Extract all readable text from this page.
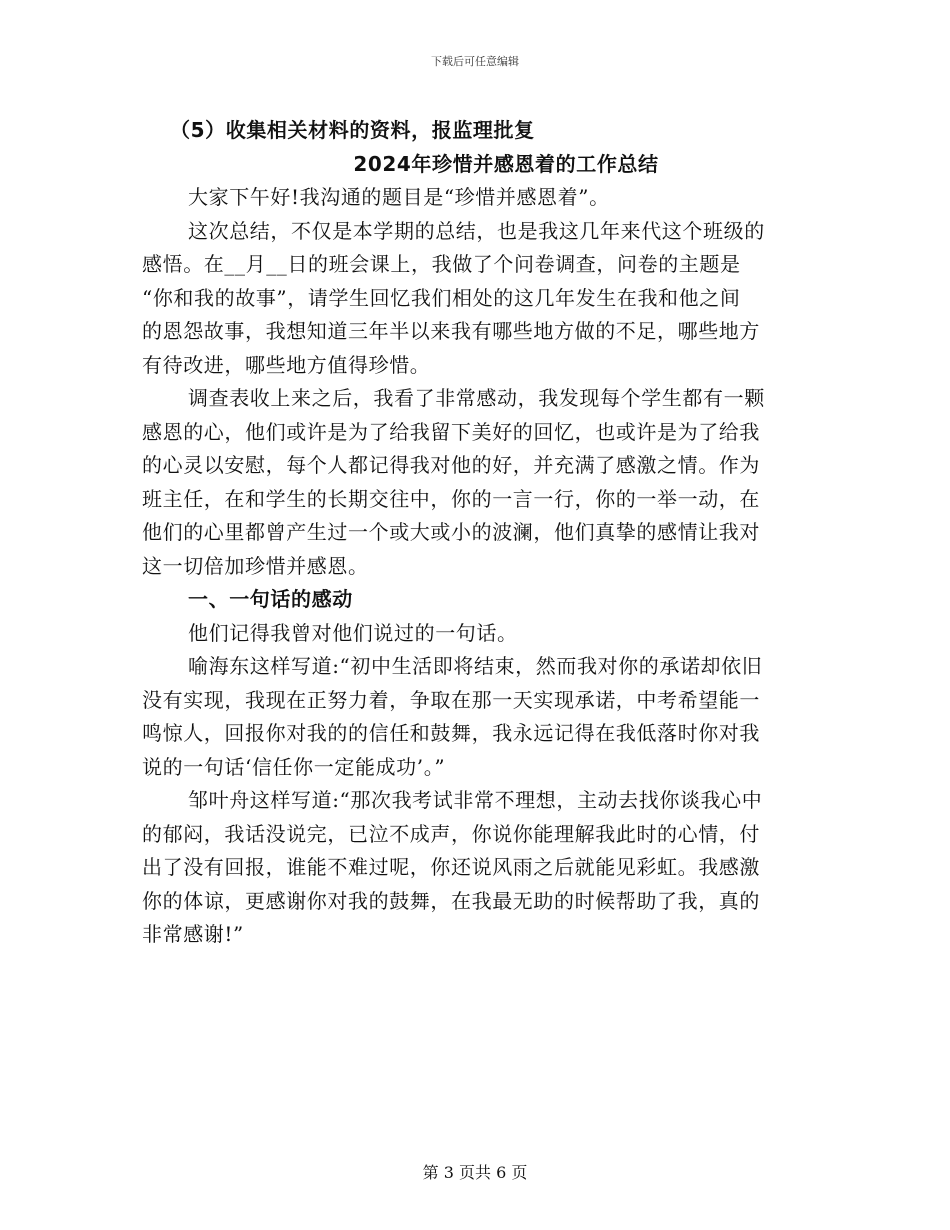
下载后可任意编辑
（5）收集相关材料的资料，报监理批复
2024年珍惜并感恩着的工作总结
大家下午好!我沟通的题目是“珍惜并感恩着”。
这次总结，不仅是本学期的总结，也是我这几年来代这个班级的
感悟。在__月__日的班会课上，我做了个问卷调查，问卷的主题是
“你和我的故事”，请学生回忆我们相处的这几年发生在我和他之间
的恩怨故事，我想知道三年半以来我有哪些地方做的不足，哪些地方
有待改进，哪些地方值得珍惜。
调查表收上来之后，我看了非常感动，我发现每个学生都有一颗
感恩的心，他们或许是为了给我留下美好的回忆，也或许是为了给我
的心灵以安慰，每个人都记得我对他的好，并充满了感激之情。作为
班主任，在和学生的长期交往中，你的一言一行，你的一举一动，在
他们的心里都曾产生过一个或大或小的波澜，他们真挚的感情让我对
这一切倍加珍惜并感恩。
一、一句话的感动
他们记得我曾对他们说过的一句话。
喻海东这样写道:“初中生活即将结束，然而我对你的承诺却依旧
没有实现，我现在正努力着，争取在那一天实现承诺，中考希望能一
鸣惊人，回报你对我的的信任和鼓舞，我永远记得在我低落时你对我
说的一句话‘信任你一定能成功’。”
邹叶舟这样写道:“那次我考试非常不理想，主动去找你谈我心中
的郁闷，我话没说完，已泣不成声，你说你能理解我此时的心情，付
出了没有回报，谁能不难过呢，你还说风雨之后就能见彩虹。我感激
你的体谅，更感谢你对我的鼓舞，在我最无助的时候帮助了我，真的
非常感谢!”
第 3 页共 6 页
